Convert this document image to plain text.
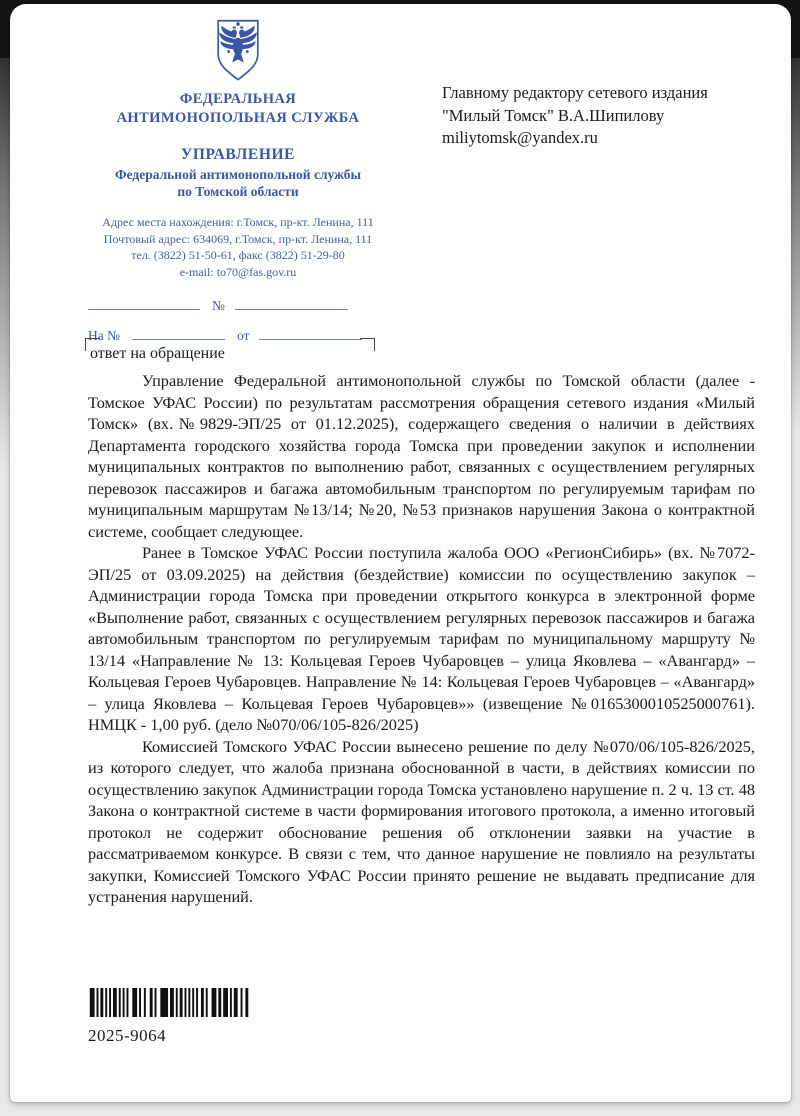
ФЕДЕРАЛЬНАЯ
АНТИМОНОПОЛЬНАЯ СЛУЖБА
УПРАВЛЕНИЕ
Федеральной антимонопольной службы
по Томской области
Адрес места нахождения: г.Томск, пр-кт. Ленина, 111
Почтовый адрес: 634069, г.Томск, пр-кт. Ленина, 111
тел. (3822) 51-50-61, факс (3822) 51-29-80
e-mail: to70@fas.gov.ru
№
На №	от
Главному редактору сетевого издания
"Милый Томск" В.А.Шипилову
miliytomsk@yandex.ru
ответ на обращение

Управление Федеральной антимонопольной службы по Томской области (далее - Томское УФАС России) по результатам рассмотрения обращения сетевого издания «Милый Томск» (вх.№9829-ЭП/25 от 01.12.2025), содержащего сведения о наличии в действиях Департамента городского хозяйства города Томска при проведении закупок и исполнении муниципальных контрактов по выполнению работ, связанных с осуществлением регулярных перевозок пассажиров и багажа автомобильным транспортом по регулируемым тарифам по муниципальным маршрутам №13/14; №20, №53 признаков нарушения Закона о контрактной системе, сообщает следующее.

Ранее в Томское УФАС России поступила жалоба ООО «РегионСибирь» (вх. №7072-ЭП/25 от 03.09.2025) на действия (бездействие) комиссии по осуществлению закупок – Администрации города Томска при проведении открытого конкурса в электронной форме «Выполнение работ, связанных с осуществлением регулярных перевозок пассажиров и багажа автомобильным транспортом по регулируемым тарифам по муниципальному маршруту № 13/14 «Направление № 13: Кольцевая Героев Чубаровцев – улица Яковлева – «Авангард» – Кольцевая Героев Чубаровцев. Направление № 14: Кольцевая Героев Чубаровцев – «Авангард» – улица Яковлева – Кольцевая Героев Чубаровцев»» (извещение №0165300010525000761). НМЦК - 1,00 руб. (дело №070/06/105-826/2025)

Комиссией Томского УФАС России вынесено решение по делу №070/06/105-826/2025, из которого следует, что жалоба признана обоснованной в части, в действиях комиссии по осуществлению закупок Администрации города Томска установлено нарушение п. 2 ч. 13 ст. 48 Закона о контрактной системе в части формирования итогового протокола, а именно итоговый протокол не содержит обоснование решения об отклонении заявки на участие в рассматриваемом конкурсе. В связи с тем, что данное нарушение не повлияло на результаты закупки, Комиссией Томского УФАС России принято решение не выдавать предписание для устранения нарушений.

2025-9064
